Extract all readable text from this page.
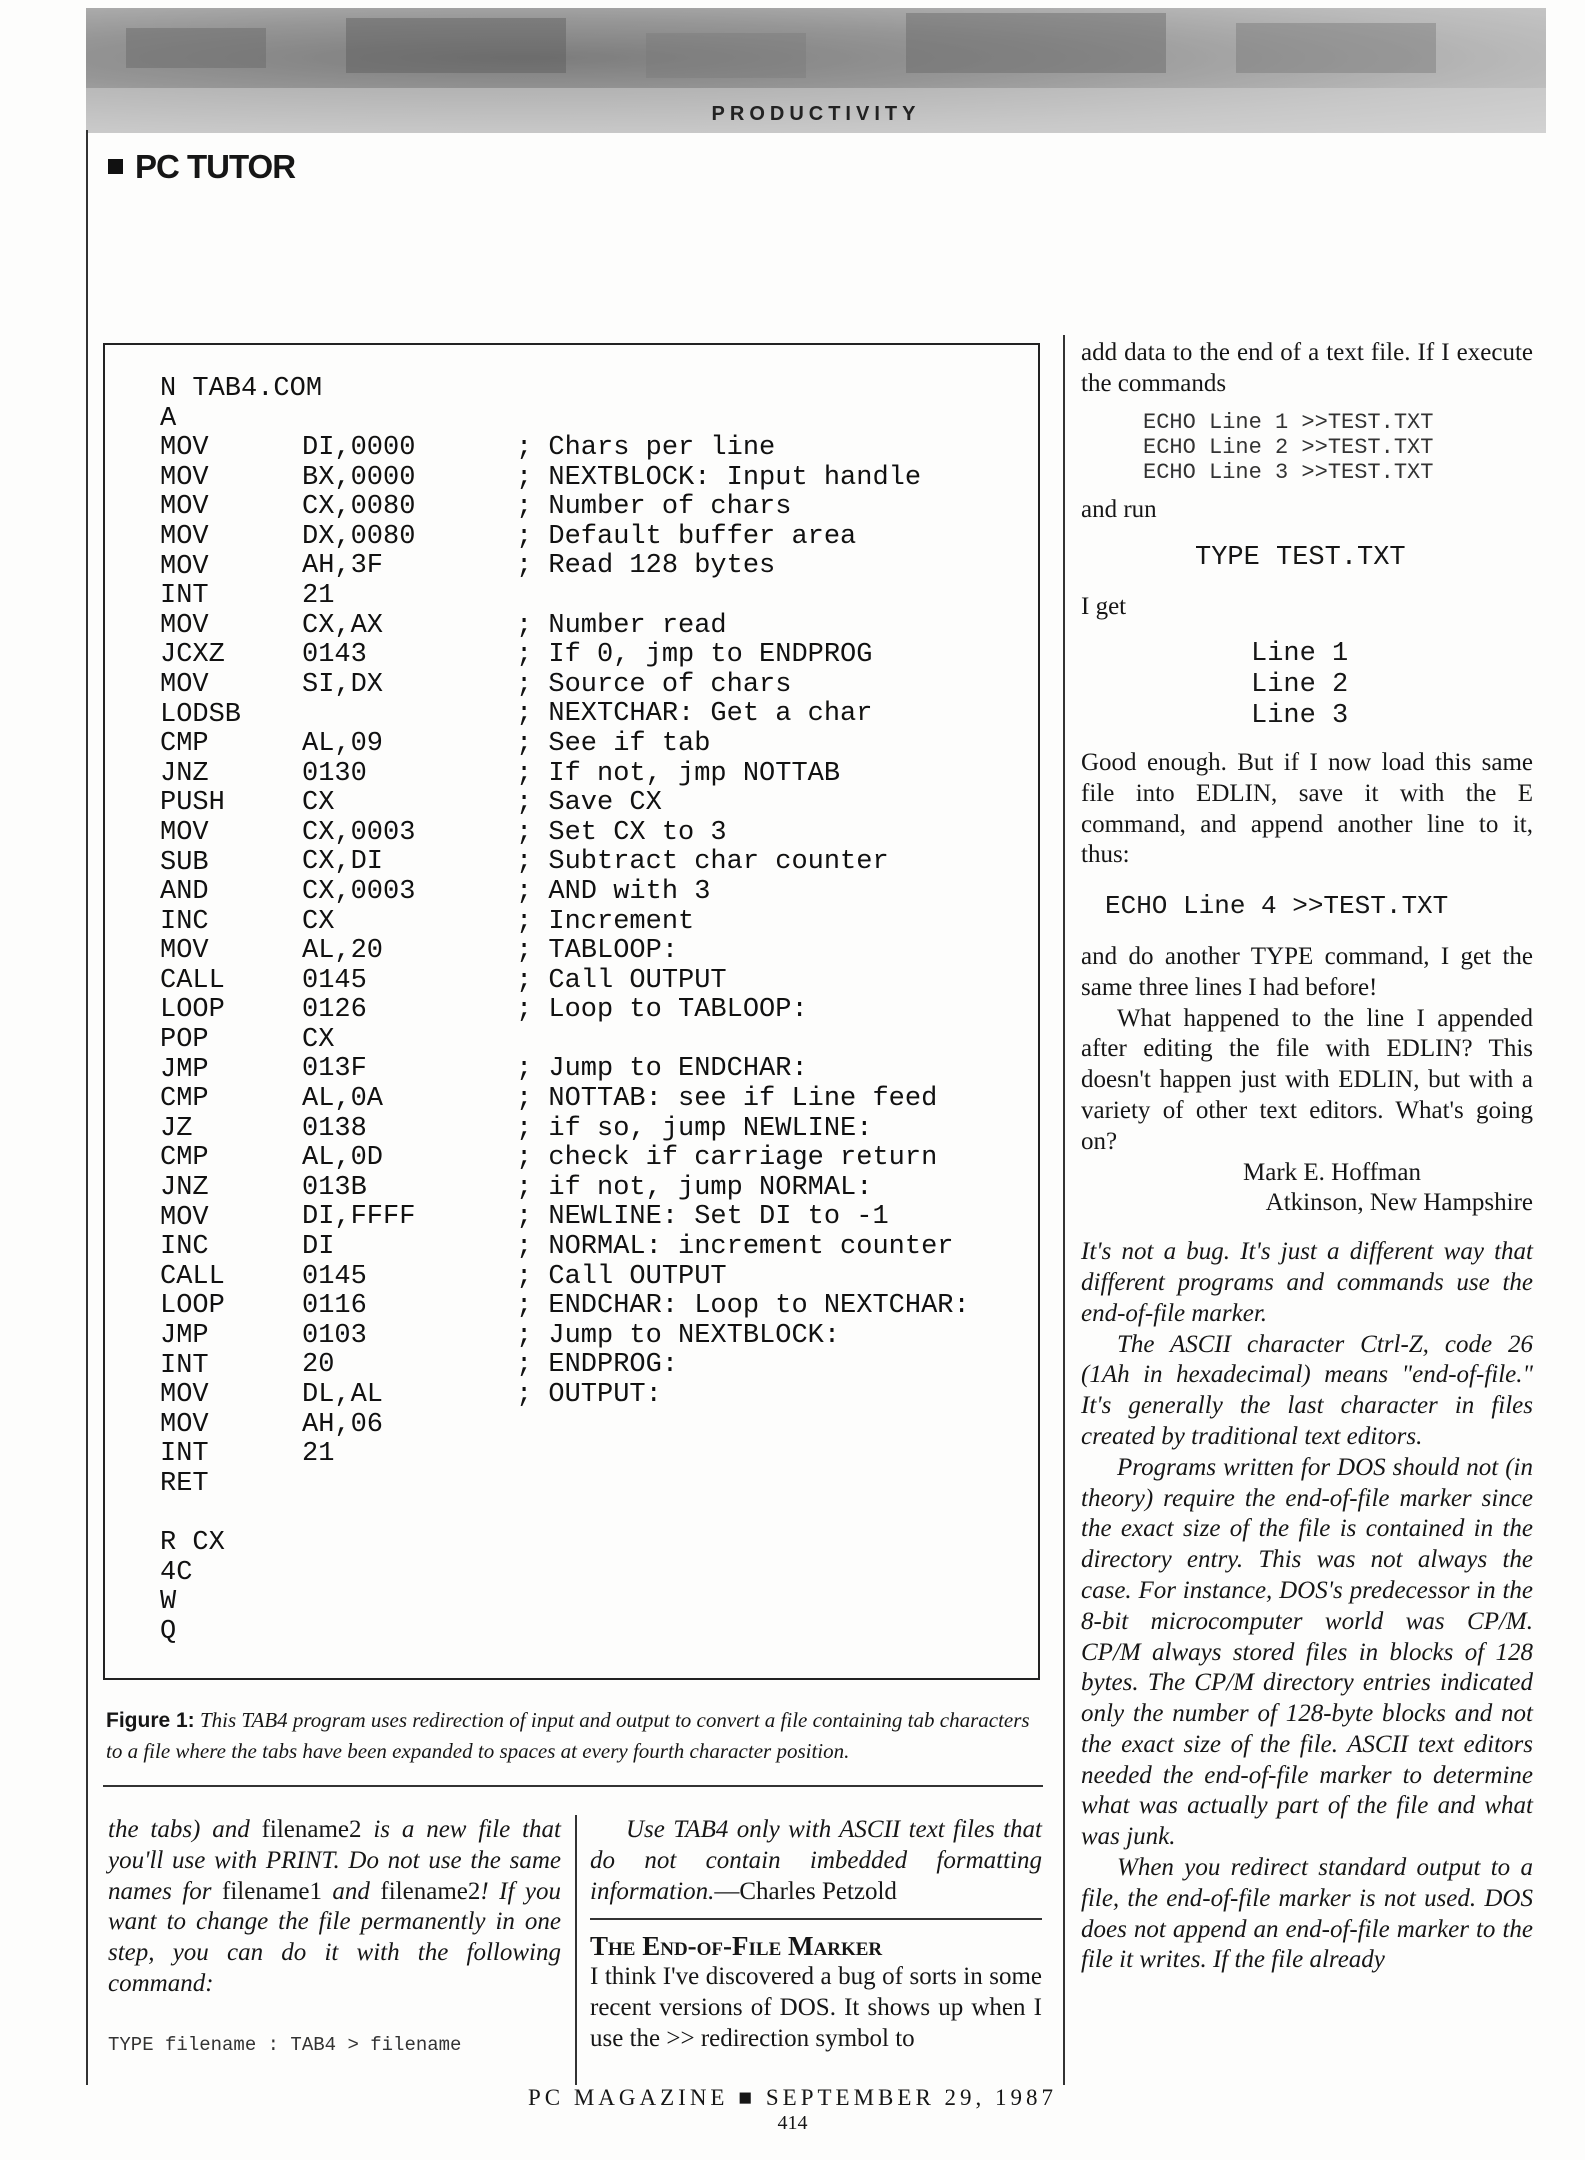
PRODUCTIVITY
PC TUTOR
N TAB4.COM
A
MOV
MOV
MOV
MOV
MOV
INT
MOV
JCXZ
MOV
LODSB
CMP
JNZ
PUSH
MOV
SUB
AND
INC
MOV
CALL
LOOP
POP
JMP
CMP
JZ
CMP
JNZ
MOV
INC
CALL
LOOP
JMP
INT
MOV
MOV
INT
RET

R CX
4C
W
Q
DI,0000
BX,0000
CX,0080
DX,0080
AH,3F
21
CX,AX
0143
SI,DX

AL,09
0130
CX
CX,0003
CX,DI
CX,0003
CX
AL,20
0145
0126
CX
013F
AL,0A
0138
AL,0D
013B
DI,FFFF
DI
0145
0116
0103
20
DL,AL
AH,06
21

; Chars per line
; NEXTBLOCK: Input handle
; Number of chars
; Default buffer area
; Read 128 bytes

; Number read
; If 0, jmp to ENDPROG
; Source of chars
; NEXTCHAR: Get a char
; See if tab
; If not, jmp NOTTAB
; Save CX
; Set CX to 3
; Subtract char counter
; AND with 3
; Increment
; TABLOOP:
; Call OUTPUT
; Loop to TABLOOP:

; Jump to ENDCHAR:
; NOTTAB: see if Line feed
; if so, jump NEWLINE:
; check if carriage return
; if not, jump NORMAL:
; NEWLINE: Set DI to -1
; NORMAL: increment counter
; Call OUTPUT
; ENDCHAR: Loop to NEXTCHAR:
; Jump to NEXTBLOCK:
; ENDPROG:
; OUTPUT:

Figure 1: This TAB4 program uses redirection of input and output to convert a file containing tab characters to a file where the tabs have been expanded to spaces at every fourth character position.
the tabs) and filename2 is a new file that you'll use with PRINT. Do not use the same names for filename1 and filename2! If you want to change the file permanently in one step, you can do it with the following command:
TYPE filename : TAB4 > filename
Use TAB4 only with ASCII text files that do not contain imbedded formatting information.—Charles Petzold
The End-of-File Marker
I think I've discovered a bug of sorts in some recent versions of DOS. It shows up when I use the >> redirection symbol to
add data to the end of a text file. If I execute the commands
ECHO Line 1 >>TEST.TXT
ECHO Line 2 >>TEST.TXT
ECHO Line 3 >>TEST.TXT
and run
TYPE TEST.TXT
I get
Line 1
Line 2
Line 3
Good enough. But if I now load this same file into EDLIN, save it with the E command, and append another line to it, thus:
ECHO Line 4 >>TEST.TXT
and do another TYPE command, I get the same three lines I had before!
What happened to the line I appended after editing the file with EDLIN? This doesn't happen just with EDLIN, but with a variety of other text editors. What's going on?
Mark E. Hoffman
Atkinson, New Hampshire
It's not a bug. It's just a different way that different programs and commands use the end-of-file marker.
The ASCII character Ctrl-Z, code 26 (1Ah in hexadecimal) means "end-of-file." It's generally the last character in files created by traditional text editors.
Programs written for DOS should not (in theory) require the end-of-file marker since the exact size of the file is contained in the directory entry. This was not always the case. For instance, DOS's predecessor in the 8-bit microcomputer world was CP/M. CP/M always stored files in blocks of 128 bytes. The CP/M directory entries indicated only the number of 128-byte blocks and not the exact size of the file. ASCII text editors needed the end-of-file marker to determine what was actually part of the file and what was junk.
When you redirect standard output to a file, the end-of-file marker is not used. DOS does not append an end-of-file marker to the file it writes. If the file already
PC MAGAZINE ■ SEPTEMBER 29, 1987
414
